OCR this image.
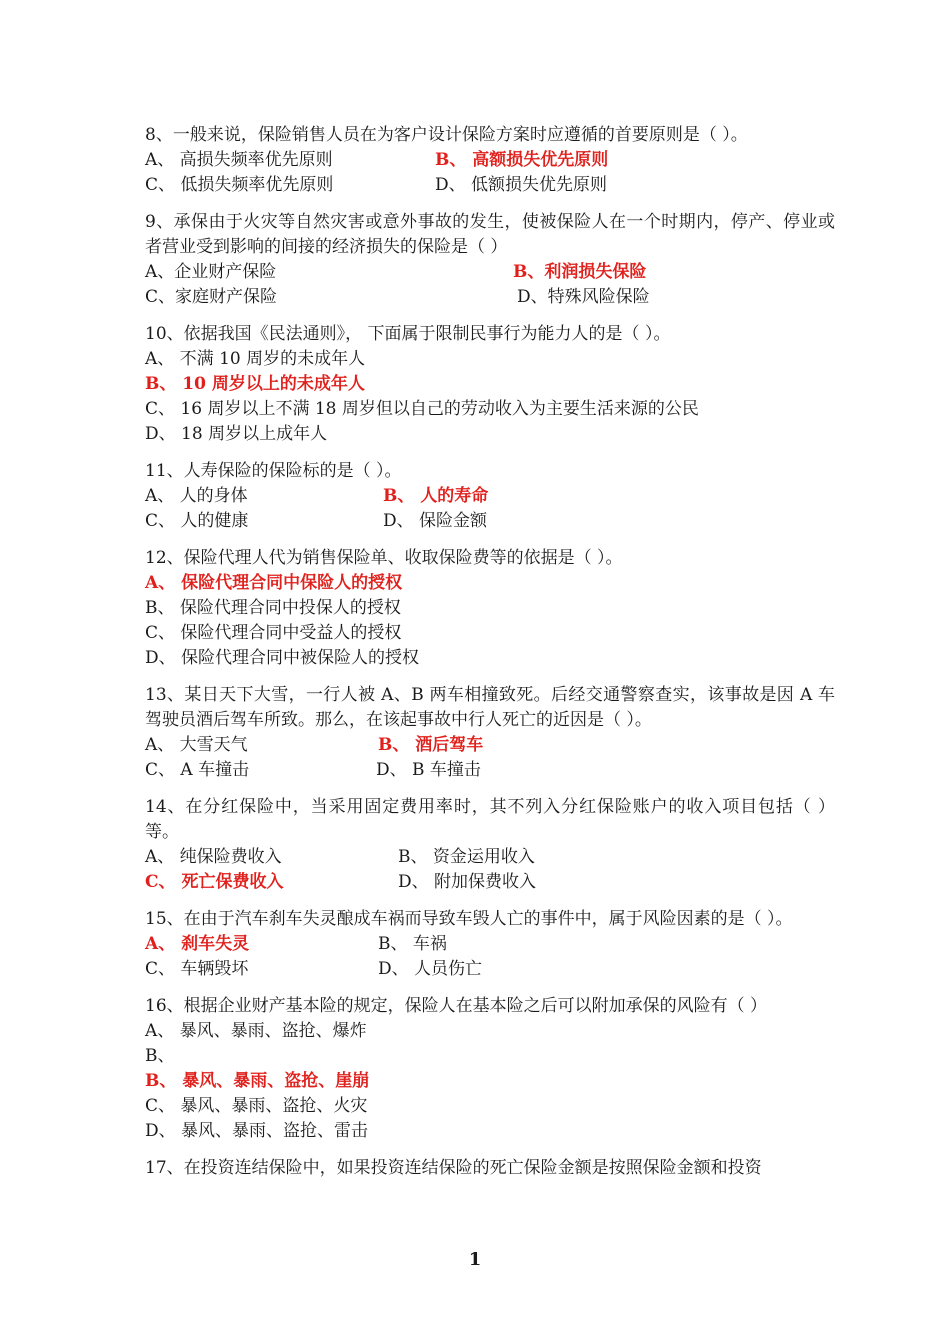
8、一般来说，保险销售人员在为客户设计保险方案时应遵循的首要原则是（ ）。
A、 高损失频率优先原则	B、 高额损失优先原则
C、 低损失频率优先原则	D、 低额损失优先原则
9、承保由于火灾等自然灾害或意外事故的发生，使被保险人在一个时期内，停产、停业或者营业受到影响的间接的经济损失的保险是（ ）
A、企业财产保险	B、利润损失保险
C、家庭财产保险	D、特殊风险保险
10、依据我国《民法通则》， 下面属于限制民事行为能力人的是（ ）。
A、 不满 10 周岁的未成年人
B、 10 周岁以上的未成年人
C、 16 周岁以上不满 18 周岁但以自己的劳动收入为主要生活来源的公民
D、 18 周岁以上成年人
11、人寿保险的保险标的是（ ）。
A、 人的身体	B、 人的寿命
C、 人的健康	D、 保险金额
12、保险代理人代为销售保险单、收取保险费等的依据是（ ）。
A、 保险代理合同中保险人的授权
B、 保险代理合同中投保人的授权
C、 保险代理合同中受益人的授权
D、 保险代理合同中被保险人的授权
13、某日天下大雪，一行人被 A、B 两车相撞致死。后经交通警察查实，该事故是因 A 车驾驶员酒后驾车所致。那么，在该起事故中行人死亡的近因是（ ）。
A、 大雪天气	B、 酒后驾车
C、 A 车撞击	D、 B 车撞击
14、在分红保险中，当采用固定费用率时，其不列入分红保险账户的收入项目包括（ ）等。
A、 纯保险费收入	B、 资金运用收入
C、 死亡保费收入	D、 附加保费收入
15、在由于汽车刹车失灵酿成车祸而导致车毁人亡的事件中，属于风险因素的是（ ）。
A、 刹车失灵	B、 车祸
C、 车辆毁坏	D、 人员伤亡
16、根据企业财产基本险的规定，保险人在基本险之后可以附加承保的风险有（ ）
A、 暴风、暴雨、盗抢、爆炸
B、
B、 暴风、暴雨、盗抢、崖崩
C、 暴风、暴雨、盗抢、火灾
D、 暴风、暴雨、盗抢、雷击
17、在投资连结保险中，如果投资连结保险的死亡保险金额是按照保险金额和投资
1
